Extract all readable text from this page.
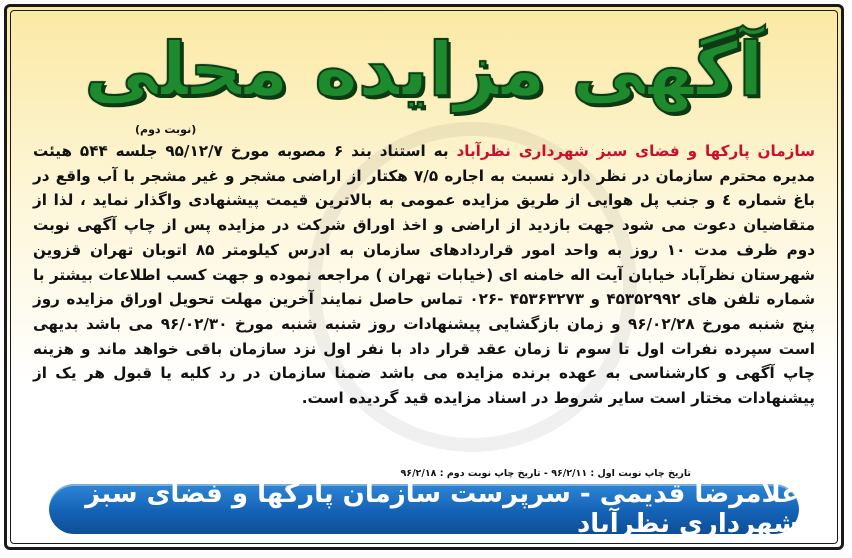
آگهی مزایده محلی
(نوبت دوم)
سازمان پارکها و فضای سبز شهرداری نظرآباد به استناد بند ۶ مصوبه مورخ ۹۵/۱۲/۷ جلسه ۵۴۴ هیئت مدیره محترم سازمان در نظر دارد نسبت به اجاره ۷/۵ هکتار از اراضی مشجر و غیر مشجر با آب واقع در باغ شماره ٤ و جنب پل هوایی از طریق مزایده عمومی به بالاترین قیمت پیشنهادی واگذار نماید ، لذا از متقاضیان دعوت می شود جهت بازدید از اراضی و اخذ اوراق شرکت در مزایده پس از چاپ آگهی نوبت دوم ظرف مدت ۱۰ روز به واحد امور قراردادهای سازمان به ادرس کیلومتر ۸۵ اتوبان تهران قزوین شهرستان نظرآباد خیابان آیت اله خامنه ای (خیابات تهران ) مراجعه نموده و جهت کسب اطلاعات بیشتر با شماره تلفن های ۴۵۳۵۲۹۹۲ و ۴۵۳۶۳۲۷۳ -۰۲۶ تماس حاصل نمایند آخرین مهلت تحویل اوراق مزایده روز پنج شنبه مورخ ۹۶/۰۲/۲۸ و زمان بازگشایی پیشنهادات روز شنبه شنبه مورخ ۹۶/۰۲/۳۰ می باشد بدیهی است سپرده نفرات اول تا سوم تا زمان عقد قرار داد با نفر اول نزد سازمان باقی خواهد ماند و هزینه چاپ آگهی و کارشناسی به عهده برنده مزایده می باشد ضمنا سازمان در رد کلیه یا قبول هر یک از پیشنهادات مختار است سایر شروط در اسناد مزایده قید گردیده است.
تاریخ چاپ نوبت اول : ۹۶/۲/۱۱ - تاریخ چاپ نوبت دوم : ۹۶/۲/۱۸
غلامرضا قدیمی - سرپرست سازمان پارکها و فضای سبز شهرداری نظرآباد
